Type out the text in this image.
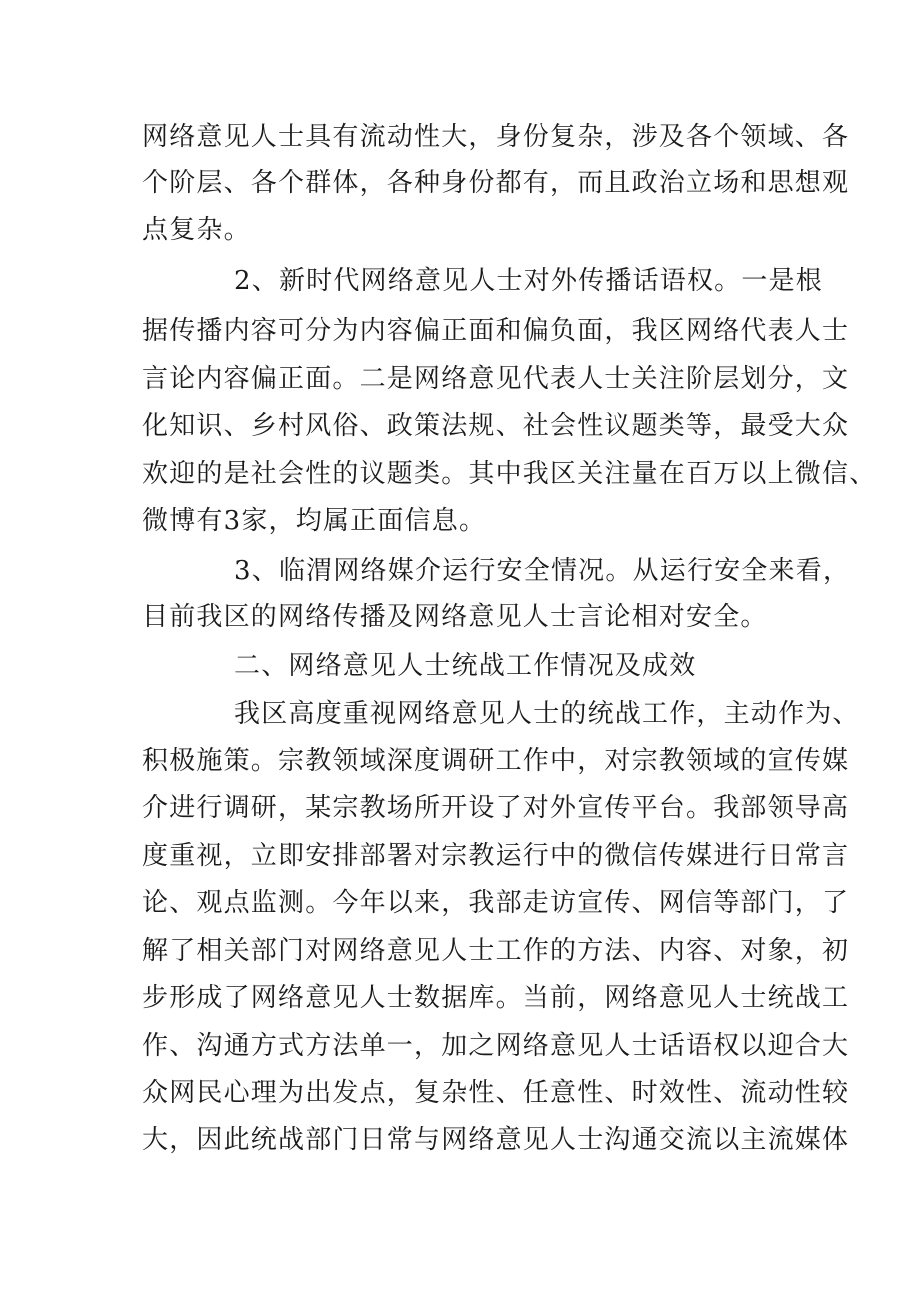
网络意见人士具有流动性大，身份复杂，涉及各个领域、各
个阶层、各个群体，各种身份都有，而且政治立场和思想观
点复杂。
2、新时代网络意见人士对外传播话语权。一是根
据传播内容可分为内容偏正面和偏负面，我区网络代表人士
言论内容偏正面。二是网络意见代表人士关注阶层划分，文
化知识、乡村风俗、政策法规、社会性议题类等，最受大众
欢迎的是社会性的议题类。其中我区关注量在百万以上微信、
微博有3家，均属正面信息。
3、临渭网络媒介运行安全情况。从运行安全来看，
目前我区的网络传播及网络意见人士言论相对安全。
二、网络意见人士统战工作情况及成效
我区高度重视网络意见人士的统战工作，主动作为、
积极施策。宗教领域深度调研工作中，对宗教领域的宣传媒
介进行调研，某宗教场所开设了对外宣传平台。我部领导高
度重视，立即安排部署对宗教运行中的微信传媒进行日常言
论、观点监测。今年以来，我部走访宣传、网信等部门，了
解了相关部门对网络意见人士工作的方法、内容、对象，初
步形成了网络意见人士数据库。当前，网络意见人士统战工
作、沟通方式方法单一，加之网络意见人士话语权以迎合大
众网民心理为出发点，复杂性、任意性、时效性、流动性较
大，因此统战部门日常与网络意见人士沟通交流以主流媒体
